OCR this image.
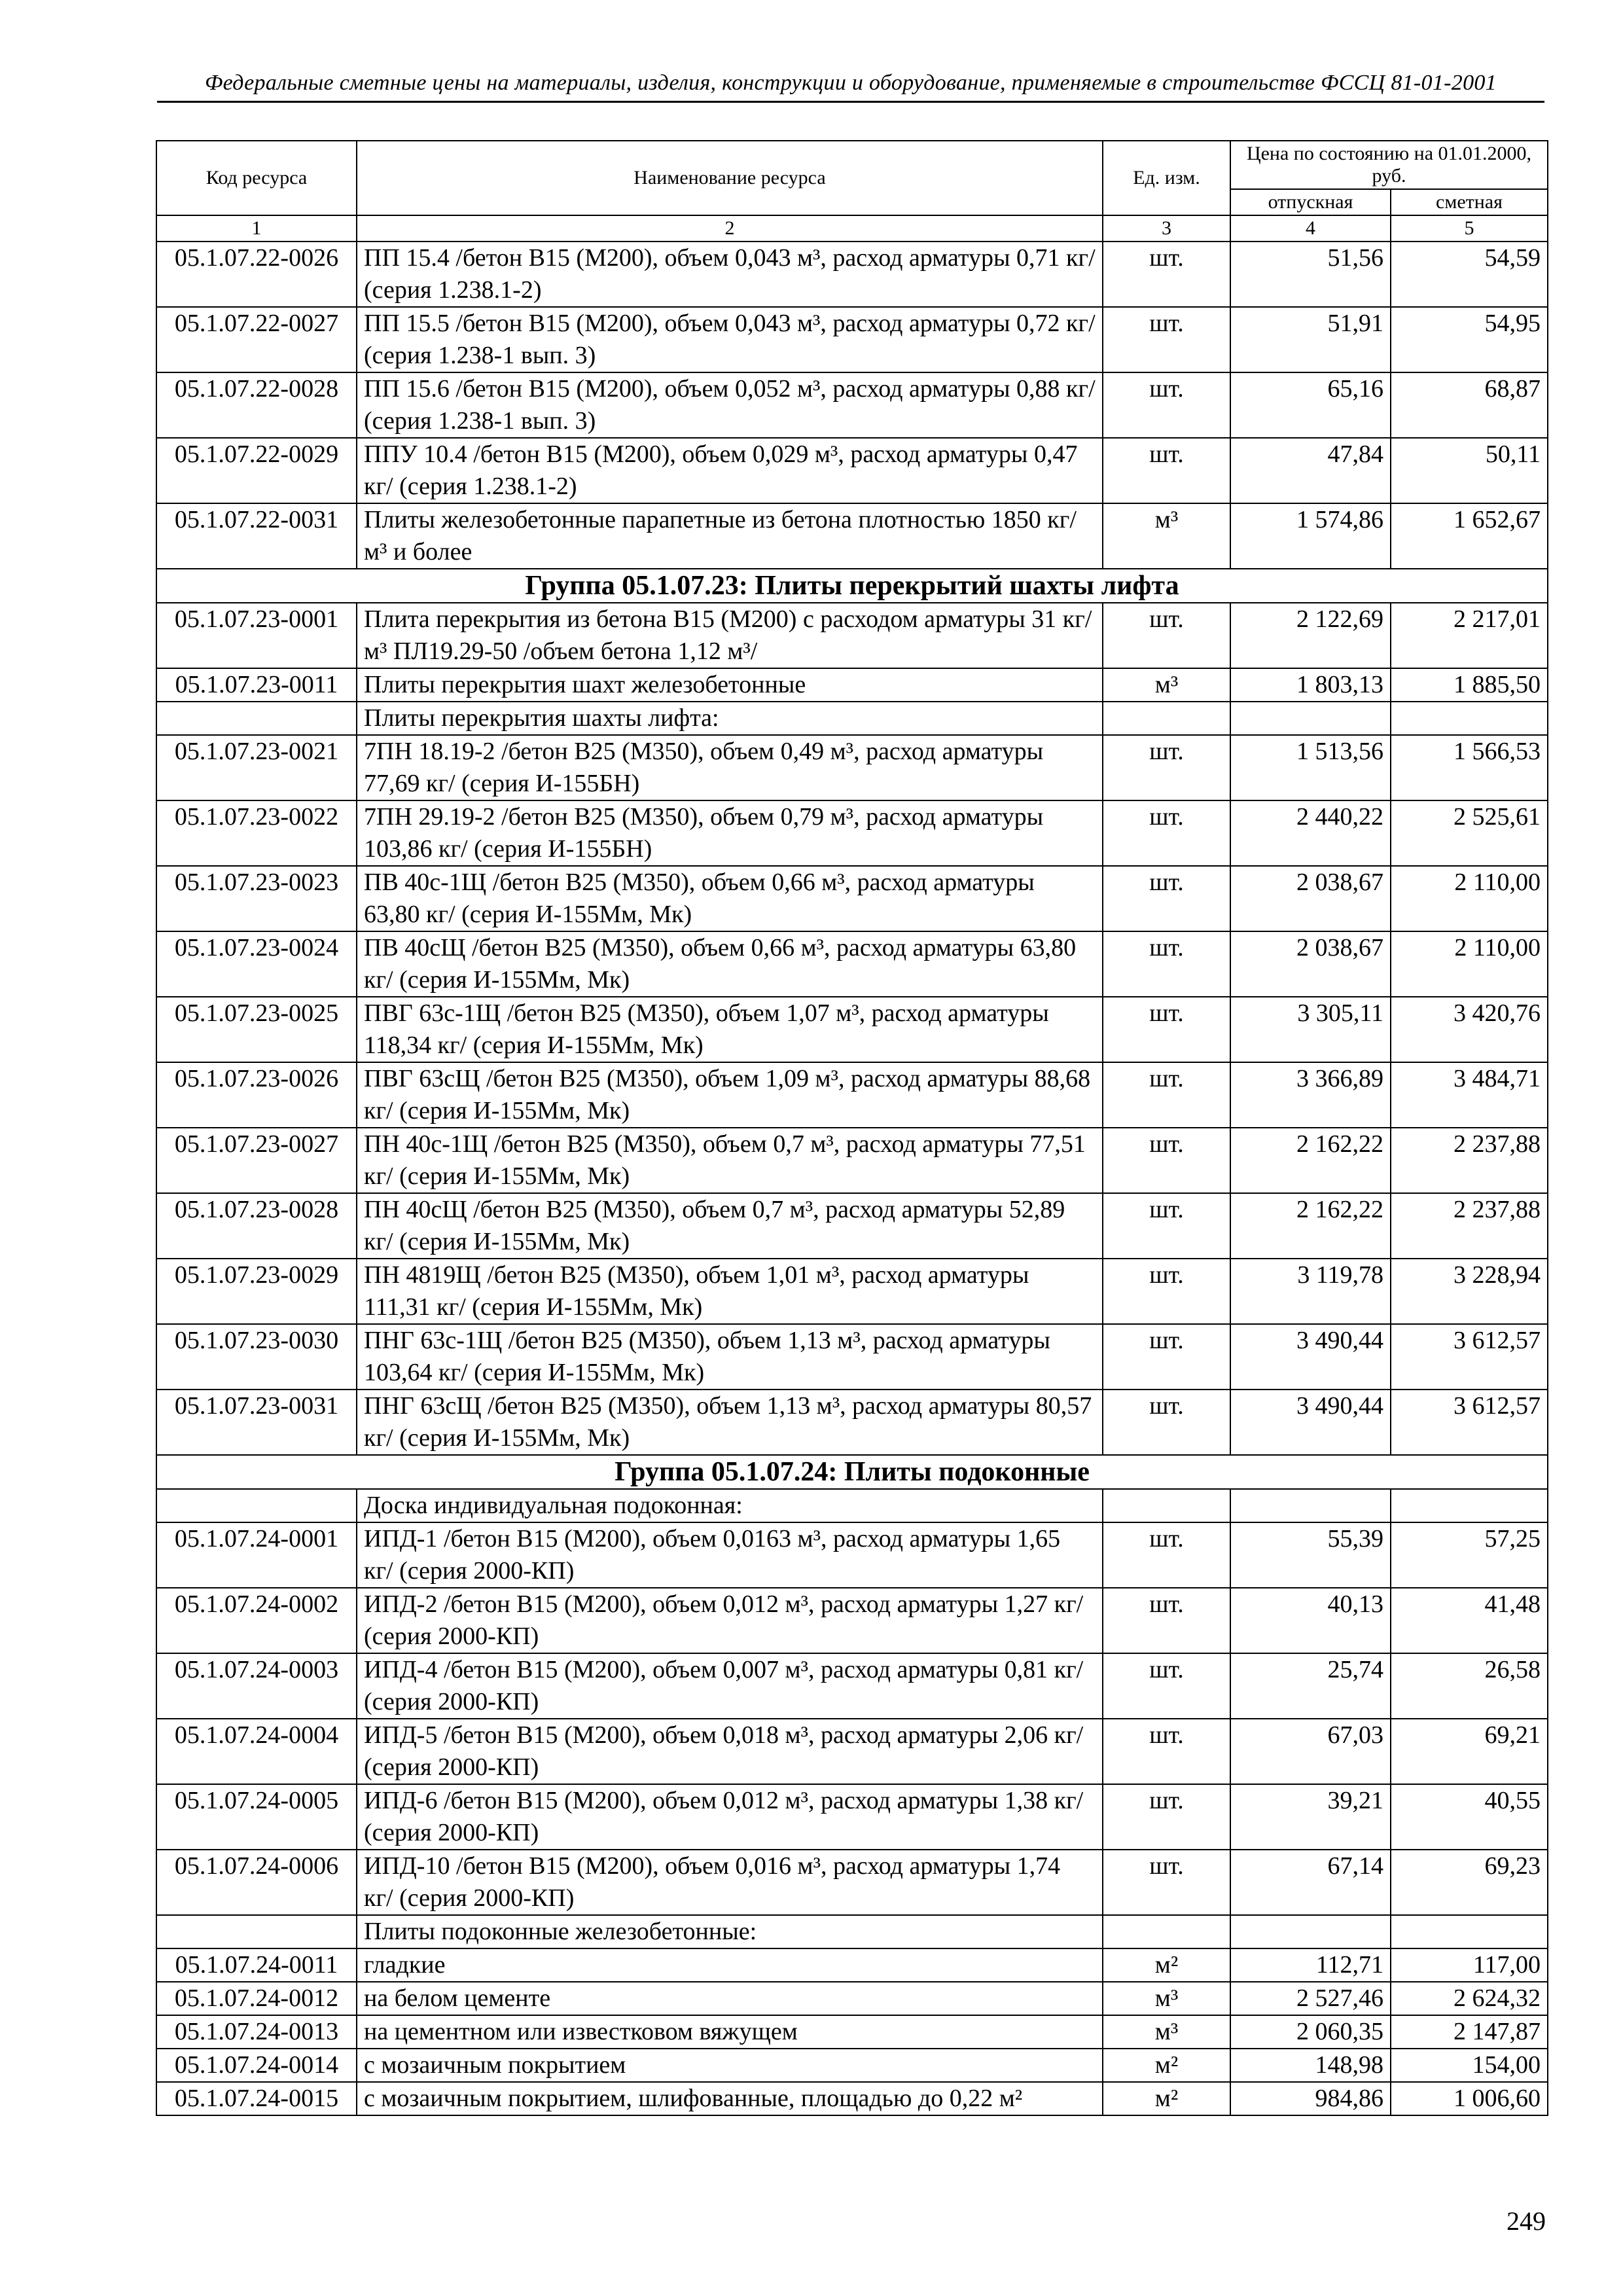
Федеральные сметные цены на материалы, изделия, конструкции и оборудование, применяемые в строительстве ФССЦ 81-01-2001
Код ресурса	Наименование ресурса	Ед. изм.	Цена по состоянию на 01.01.2000, руб.	
			отпускная	сметная
1	2	3	4	5
05.1.07.22-0026	ПП 15.4 /бетон В15 (М200), объем 0,043 м³, расход арматуры 0,71 кг/ (серия 1.238.1-2)	шт.	51,56	54,59
05.1.07.22-0027	ПП 15.5 /бетон В15 (М200), объем 0,043 м³, расход арматуры 0,72 кг/ (серия 1.238-1 вып. 3)	шт.	51,91	54,95
05.1.07.22-0028	ПП 15.6 /бетон В15 (М200), объем 0,052 м³, расход арматуры 0,88 кг/ (серия 1.238-1 вып. 3)	шт.	65,16	68,87
05.1.07.22-0029	ППУ 10.4 /бетон В15 (М200), объем 0,029 м³, расход арматуры 0,47 кг/ (серия 1.238.1-2)	шт.	47,84	50,11
05.1.07.22-0031	Плиты железобетонные парапетные из бетона плотностью 1850 кг/м³ и более	м³	1 574,86	1 652,67
Группа 05.1.07.23: Плиты перекрытий шахты лифта				
05.1.07.23-0001	Плита перекрытия из бетона В15 (М200) с расходом арматуры 31 кг/м³ ПЛ19.29-50 /объем бетона 1,12 м³/	шт.	2 122,69	2 217,01
05.1.07.23-0011	Плиты перекрытия шахт железобетонные	м³	1 803,13	1 885,50
	Плиты перекрытия шахты лифта:			
05.1.07.23-0021	7ПН 18.19-2 /бетон В25 (М350), объем 0,49 м³, расход арматуры 77,69 кг/ (серия И-155БН)	шт.	1 513,56	1 566,53
05.1.07.23-0022	7ПН 29.19-2 /бетон В25 (М350), объем 0,79 м³, расход арматуры 103,86 кг/ (серия И-155БН)	шт.	2 440,22	2 525,61
05.1.07.23-0023	ПВ 40с-1Щ /бетон В25 (М350), объем 0,66 м³, расход арматуры 63,80 кг/ (серия И-155Мм, Мк)	шт.	2 038,67	2 110,00
05.1.07.23-0024	ПВ 40сЩ /бетон В25 (М350), объем 0,66 м³, расход арматуры 63,80 кг/ (серия И-155Мм, Мк)	шт.	2 038,67	2 110,00
05.1.07.23-0025	ПВГ 63с-1Щ /бетон В25 (М350), объем 1,07 м³, расход арматуры 118,34 кг/ (серия И-155Мм, Мк)	шт.	3 305,11	3 420,76
05.1.07.23-0026	ПВГ 63сЩ /бетон В25 (М350), объем 1,09 м³, расход арматуры 88,68 кг/ (серия И-155Мм, Мк)	шт.	3 366,89	3 484,71
05.1.07.23-0027	ПН 40с-1Щ /бетон В25 (М350), объем 0,7 м³, расход арматуры 77,51 кг/ (серия И-155Мм, Мк)	шт.	2 162,22	2 237,88
05.1.07.23-0028	ПН 40сЩ /бетон В25 (М350), объем 0,7 м³, расход арматуры 52,89 кг/ (серия И-155Мм, Мк)	шт.	2 162,22	2 237,88
05.1.07.23-0029	ПН 4819Щ /бетон В25 (М350), объем 1,01 м³, расход арматуры 111,31 кг/ (серия И-155Мм, Мк)	шт.	3 119,78	3 228,94
05.1.07.23-0030	ПНГ 63с-1Щ /бетон В25 (М350), объем 1,13 м³, расход арматуры 103,64 кг/ (серия И-155Мм, Мк)	шт.	3 490,44	3 612,57
05.1.07.23-0031	ПНГ 63сЩ /бетон В25 (М350), объем 1,13 м³, расход арматуры 80,57 кг/ (серия И-155Мм, Мк)	шт.	3 490,44	3 612,57
Группа 05.1.07.24: Плиты подоконные				
	Доска индивидуальная подоконная:			
05.1.07.24-0001	ИПД-1 /бетон В15 (М200), объем 0,0163 м³, расход арматуры 1,65 кг/ (серия 2000-КП)	шт.	55,39	57,25
05.1.07.24-0002	ИПД-2 /бетон В15 (М200), объем 0,012 м³, расход арматуры 1,27 кг/ (серия 2000-КП)	шт.	40,13	41,48
05.1.07.24-0003	ИПД-4 /бетон В15 (М200), объем 0,007 м³, расход арматуры 0,81 кг/ (серия 2000-КП)	шт.	25,74	26,58
05.1.07.24-0004	ИПД-5 /бетон В15 (М200), объем 0,018 м³, расход арматуры 2,06 кг/ (серия 2000-КП)	шт.	67,03	69,21
05.1.07.24-0005	ИПД-6 /бетон В15 (М200), объем 0,012 м³, расход арматуры 1,38 кг/ (серия 2000-КП)	шт.	39,21	40,55
05.1.07.24-0006	ИПД-10 /бетон В15 (М200), объем 0,016 м³, расход арматуры 1,74 кг/ (серия 2000-КП)	шт.	67,14	69,23
	Плиты подоконные железобетонные:			
05.1.07.24-0011	гладкие	м²	112,71	117,00
05.1.07.24-0012	на белом цементе	м³	2 527,46	2 624,32
05.1.07.24-0013	на цементном или известковом вяжущем	м³	2 060,35	2 147,87
05.1.07.24-0014	с мозаичным покрытием	м²	148,98	154,00
05.1.07.24-0015	с мозаичным покрытием, шлифованные, площадью до 0,22 м²	м²	984,86	1 006,60
249
